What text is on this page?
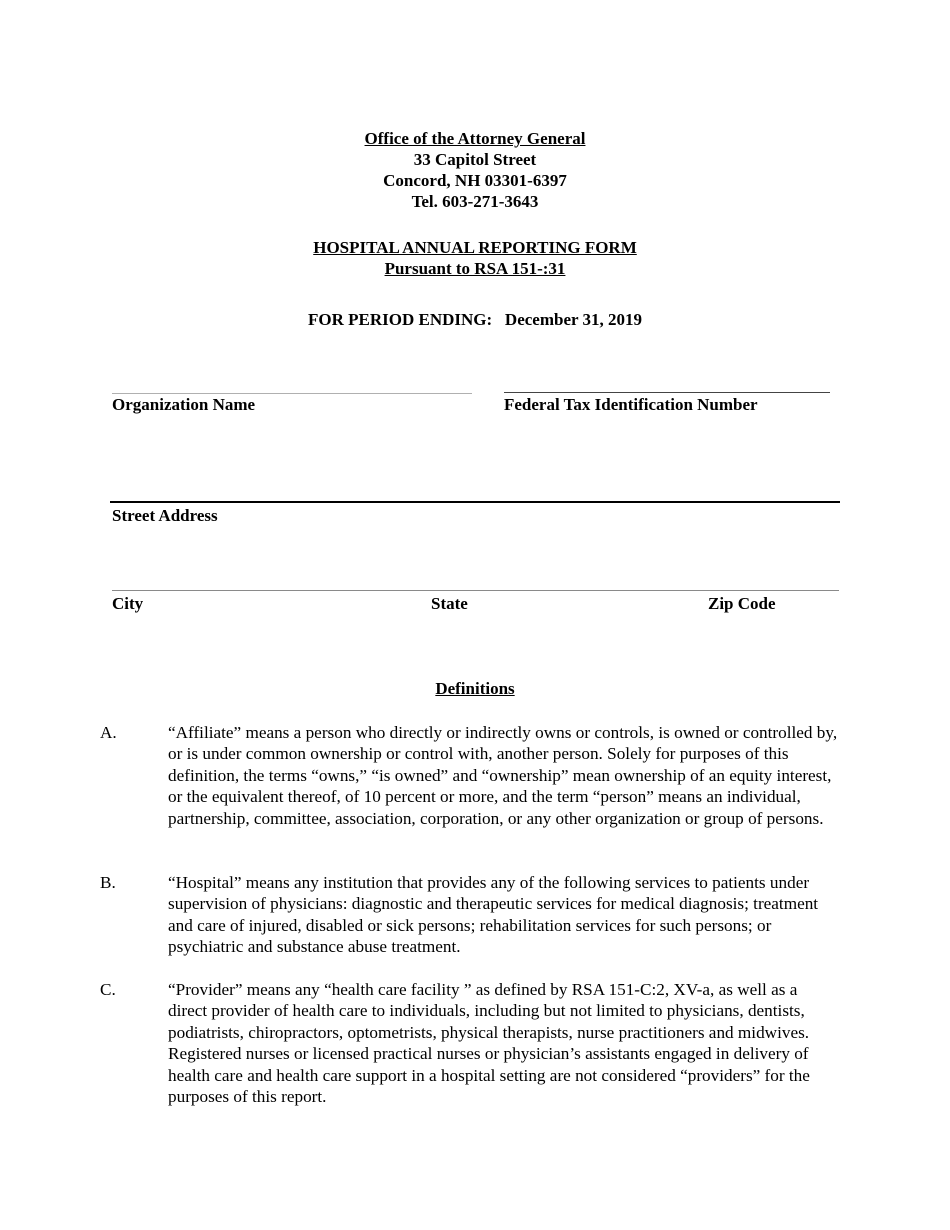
Office of the Attorney General
33 Capitol Street
Concord, NH 03301-6397
Tel. 603-271-3643
HOSPITAL ANNUAL REPORTING FORM
Pursuant to RSA 151-:31
FOR PERIOD ENDING: December 31, 2019
Organization Name	Federal Tax Identification Number
Street Address
City	State	Zip Code
Definitions
A.	“Affiliate” means a person who directly or indirectly owns or controls, is owned or controlled by, or is under common ownership or control with, another person. Solely for purposes of this definition, the terms “owns,” “is owned” and “ownership” mean ownership of an equity interest, or the equivalent thereof, of 10 percent or more, and the term “person” means an individual, partnership, committee, association, corporation, or any other organization or group of persons.
B.	“Hospital” means any institution that provides any of the following services to patients under supervision of physicians: diagnostic and therapeutic services for medical diagnosis; treatment and care of injured, disabled or sick persons; rehabilitation services for such persons; or psychiatric and substance abuse treatment.
C.	“Provider” means any “health care facility ” as defined by RSA 151-C:2, XV-a, as well as a direct provider of health care to individuals, including but not limited to physicians, dentists, podiatrists, chiropractors, optometrists, physical therapists, nurse practitioners and midwives. Registered nurses or licensed practical nurses or physician’s assistants engaged in delivery of health care and health care support in a hospital setting are not considered “providers” for the purposes of this report.
